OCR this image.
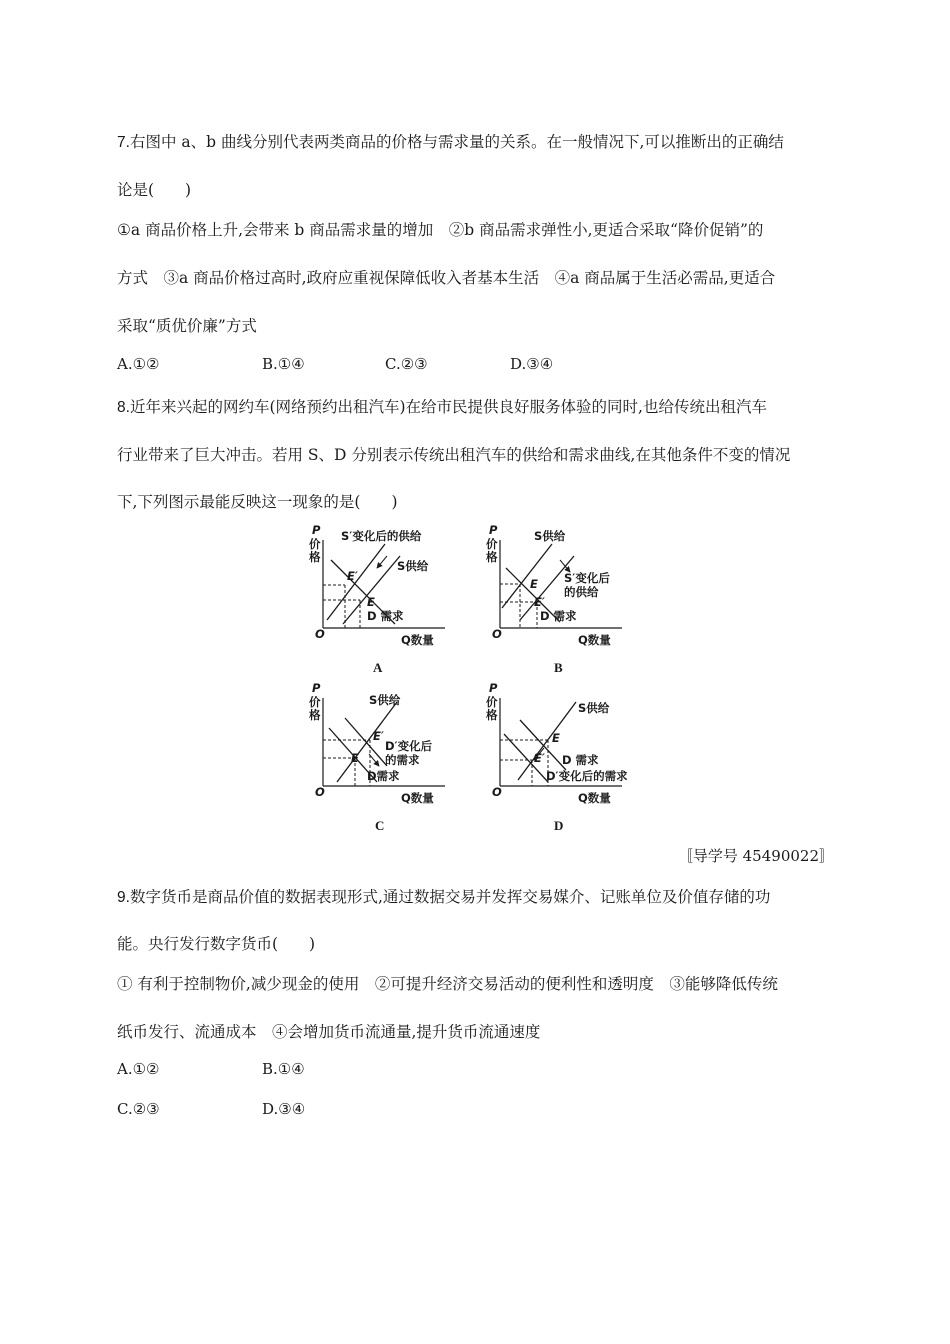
7.右图中 a、b 曲线分别代表两类商品的价格与需求量的关系。在一般情况下,可以推断出的正确结
论是(　　)
①a 商品价格上升,会带来 b 商品需求量的增加　②b 商品需求弹性小,更适合采取“降价促销”的
方式　③a 商品价格过高时,政府应重视保障低收入者基本生活　④a 商品属于生活必需品,更适合
采取“质优价廉”方式
A.①②	B.①④	C.②③	D.③④
8.近年来兴起的网约车(网络预约出租汽车)在给市民提供良好服务体验的同时,也给传统出租汽车
行业带来了巨大冲击。若用 S、D 分别表示传统出租汽车的供给和需求曲线,在其他条件不变的情况
下,下列图示最能反映这一现象的是(　　)
P
价
格
O	Q数量
S′变化后的供给
S供给
E′
E
D 需求
A
P
价
格
O	Q数量
S供给
S′变化后
的供给
E
E′
D 需求
B
P
价
格
O	Q数量
S供给
D′变化后
的需求
E′
E
D需求
C
P
价
格
O	Q数量
S供给
E
E′ D 需求
D′变化后的需求
D
〚导学号 45490022〛
9.数字货币是商品价值的数据表现形式,通过数据交易并发挥交易媒介、记账单位及价值存储的功
能。央行发行数字货币(　　)
① 有利于控制物价,减少现金的使用　②可提升经济交易活动的便利性和透明度　③能够降低传统
纸币发行、流通成本　④会增加货币流通量,提升货币流通速度
A.①②	B.①④
C.②③	D.③④
